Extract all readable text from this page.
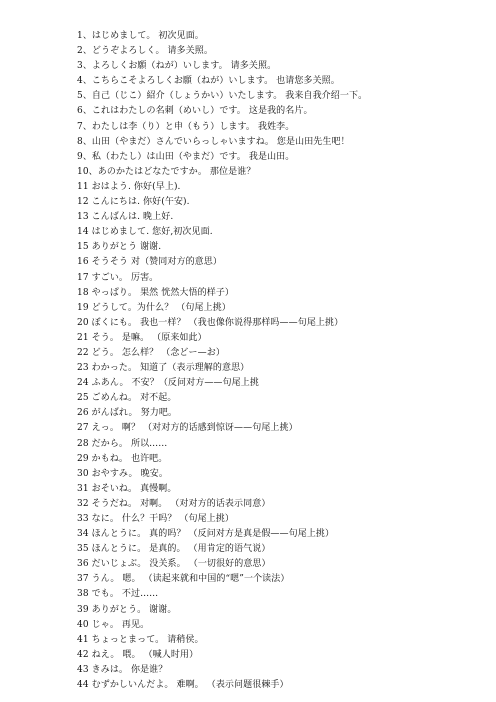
1、はじめまして。 初次见面。
2、どうぞよろしく。 请多关照。
3、よろしくお願（ねが）いします。 请多关照。
4、こちらこそよろしくお願（ねが）いします。 也请您多关照。
5、自己（じこ）紹介（しょうかい）いたします。 我来自我介绍一下。
6、これはわたしの名刺（めいし）です。 这是我的名片。
7、わたしは李（り）と申（もう）します。 我姓李。
8、山田（やまだ）さんでいらっしゃいますね。 您是山田先生吧！
9、私（わたし）は山田（やまだ）です。 我是山田。
10、あのかたはどなたですか。 那位是谁？
11 おはよう. 你好(早上).
12 こんにちは. 你好(午安).
13 こんばんは. 晚上好.
14 はじめまして. 您好,初次见面.
15 ありがとう 谢谢.
16 そうそう 对（赞同对方的意思）
17 すごい。 厉害。
18 やっぱり。 果然 恍然大悟的样子）
19 どうして。为什么？ （句尾上挑）
20 ぼくにも。 我也一样？ （我也像你说得那样吗——句尾上挑）
21 そう。 是嘛。 （原来如此）
22 どう。 怎么样？ （念どー—お）
23 わかった。 知道了（表示理解的意思）
24 ふあん。 不安？（反问对方——句尾上挑
25 ごめんね。 对不起。
26 がんばれ。 努力吧。
27 えっ。 啊？ （对对方的话感到惊讶——句尾上挑）
28 だから。 所以……
29 かもね。 也许吧。
30 おやすみ。 晚安。
31 おそいね。 真慢啊。
32 そうだね。 对啊。 （对对方的话表示同意）
33 なに。 什么？干吗？ （句尾上挑）
34 ほんとうに。 真的吗？ （反问对方是真是假——句尾上挑）
35 ほんとうに。 是真的。 （用肯定的语气说）
36 だいじょぶ。 没关系。 （一切很好的意思）
37 うん。 嗯。 （读起来就和中国的“嗯”一个读法）
38 でも。 不过……
39 ありがとう。 谢谢。
40 じゃ。 再见。
41 ちょっとまって。 请稍侯。
42 ねえ。 喂。 （喊人时用）
43 きみは。 你是谁？
44 むずかしいんだよ。 难啊。 （表示问题很棘手）
